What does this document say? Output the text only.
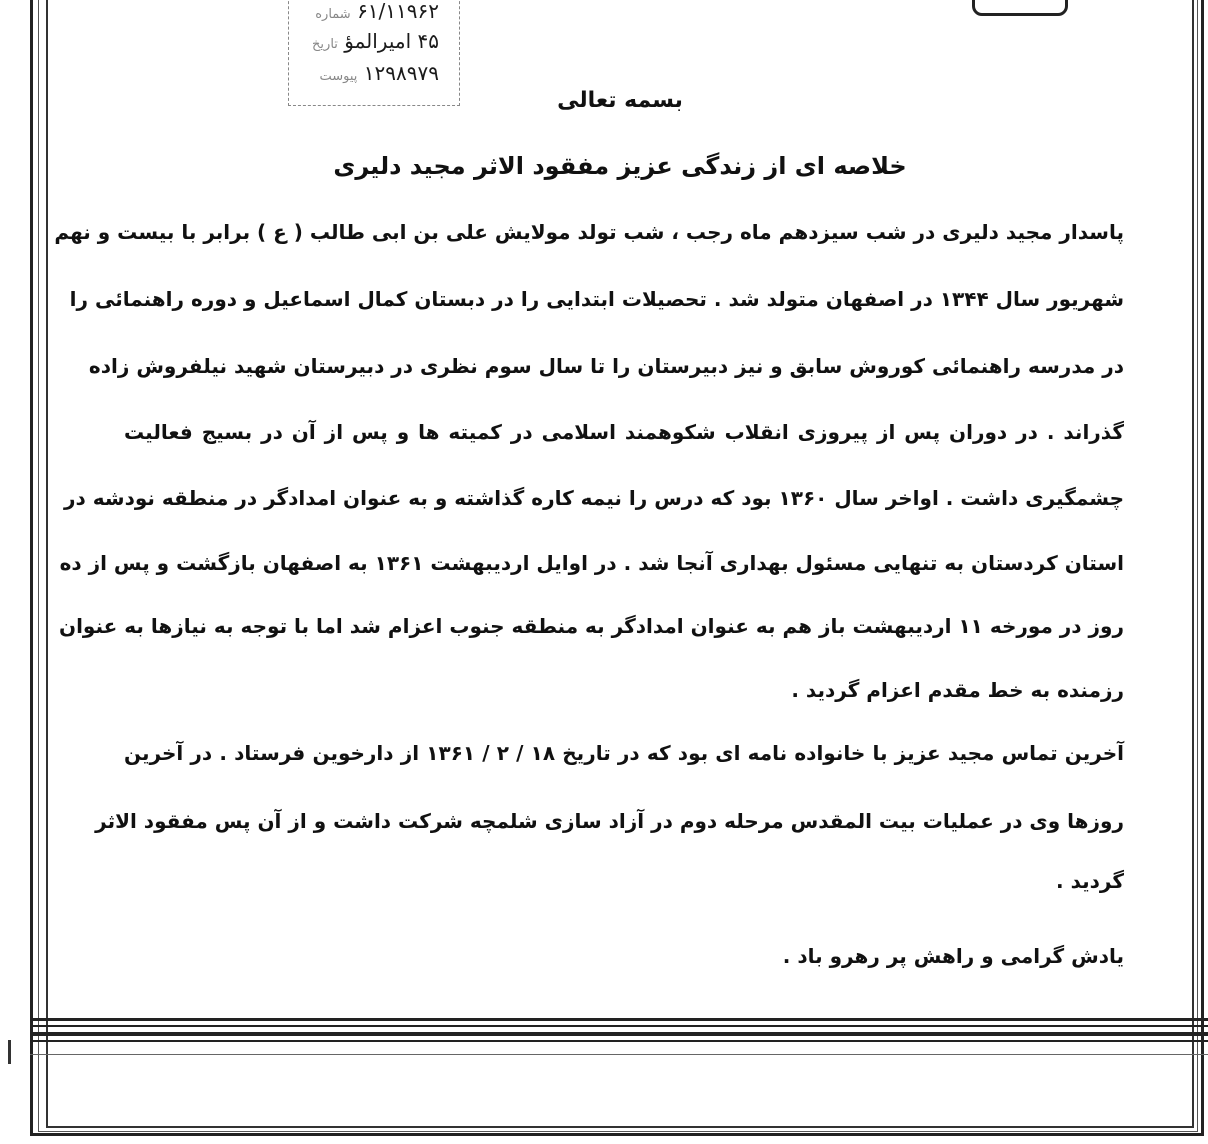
۶۱/۱۱۹۶۲ شماره
۴۵ امیرالمؤ تاریخ
۱۲۹۸۹۷۹ پیوست
بسمه تعالی
خلاصه ای از زندگی عزیز مفقود الاثر مجید دلیری
پاسدار مجید دلیری در شب سیزدهم ماه رجب ، شب تولد مولایش علی بن ابی طالب ( ع ) برابر با بیست و نهم
شهریور سال ۱۳۴۴ در اصفهان متولد شد . تحصیلات ابتدایی را در دبستان کمال اسماعیل و دوره راهنمائی را
در مدرسه راهنمائی کوروش سابق و نیز دبیرستان را تا سال سوم نظری در دبیرستان شهید نیلفروش زاده
گذراند . در دوران پس از پیروزی انقلاب شکوهمند اسلامی در کمیته ها و پس از آن در بسیج فعالیت
چشمگیری داشت . اواخر سال ۱۳۶۰ بود که درس را نیمه کاره گذاشته و به عنوان امدادگر در منطقه نودشه در
استان کردستان به تنهایی مسئول بهداری آنجا شد . در اوایل اردیبهشت ۱۳۶۱ به اصفهان بازگشت و پس از ده
روز در مورخه ۱۱ اردیبهشت باز هم به عنوان امدادگر به منطقه جنوب اعزام شد اما با توجه به نیازها به عنوان
رزمنده به خط مقدم اعزام گردید .
آخرین تماس مجید عزیز با خانواده نامه ای بود که در تاریخ ۱۸ / ۲ / ۱۳۶۱ از دارخوین فرستاد . در آخرین
روزها وی در عملیات بیت المقدس مرحله دوم در آزاد سازی شلمچه شرکت داشت و از آن پس مفقود الاثر
گردید .
یادش گرامی و راهش پر رهرو باد .
